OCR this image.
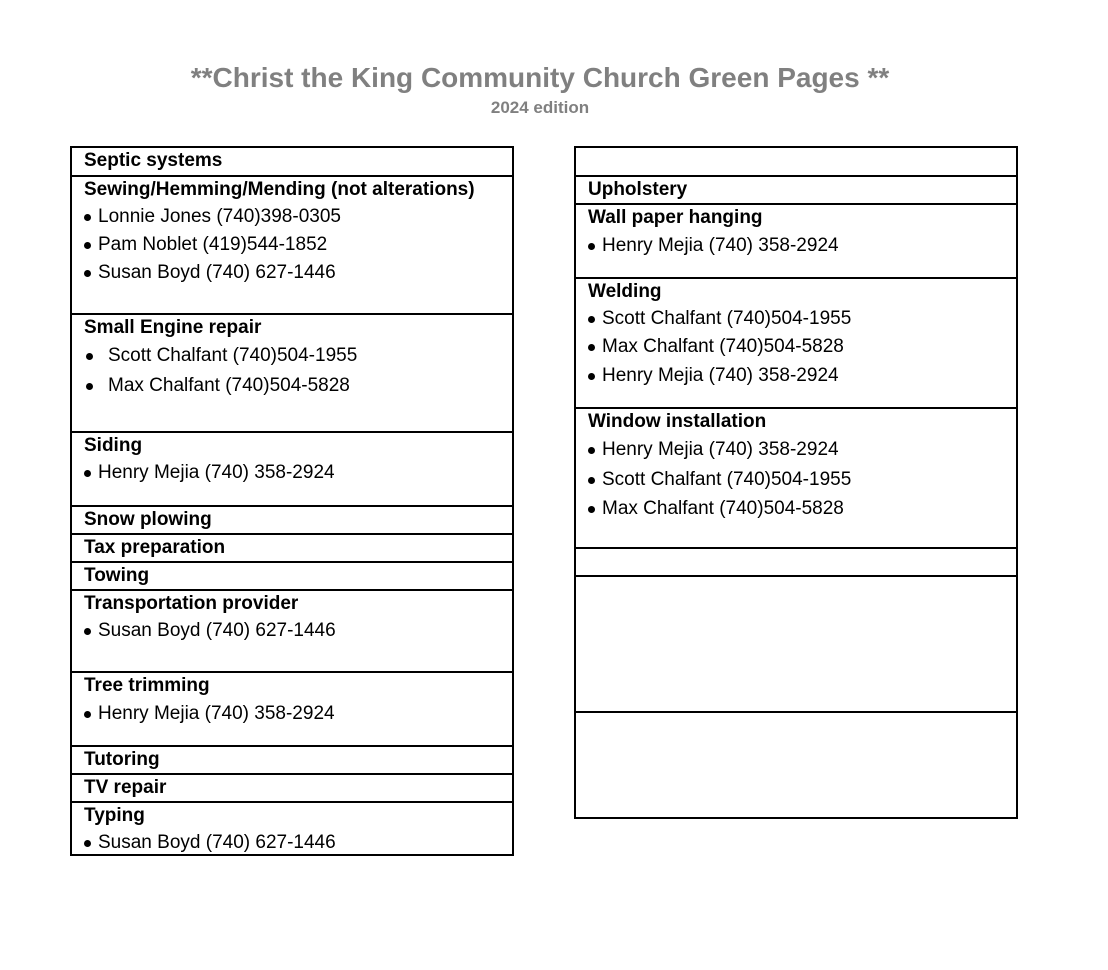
**Christ the King Community Church Green Pages **
2024 edition
Septic systems
Sewing/Hemming/Mending (not alterations)
Lonnie Jones (740)398-0305
Pam Noblet (419)544-1852
Susan Boyd (740) 627-1446
Small Engine repair
Scott Chalfant (740)504-1955
Max Chalfant (740)504-5828
Siding
Henry Mejia (740) 358-2924
Snow plowing
Tax preparation
Towing
Transportation provider
Susan Boyd (740) 627-1446
Tree trimming
Henry Mejia (740) 358-2924
Tutoring
TV repair
Typing
Susan Boyd (740) 627-1446
Upholstery
Wall paper hanging
Henry Mejia (740) 358-2924
Welding
Scott Chalfant (740)504-1955
Max Chalfant (740)504-5828
Henry Mejia (740) 358-2924
Window installation
Henry Mejia (740) 358-2924
Scott Chalfant (740)504-1955
Max Chalfant (740)504-5828
